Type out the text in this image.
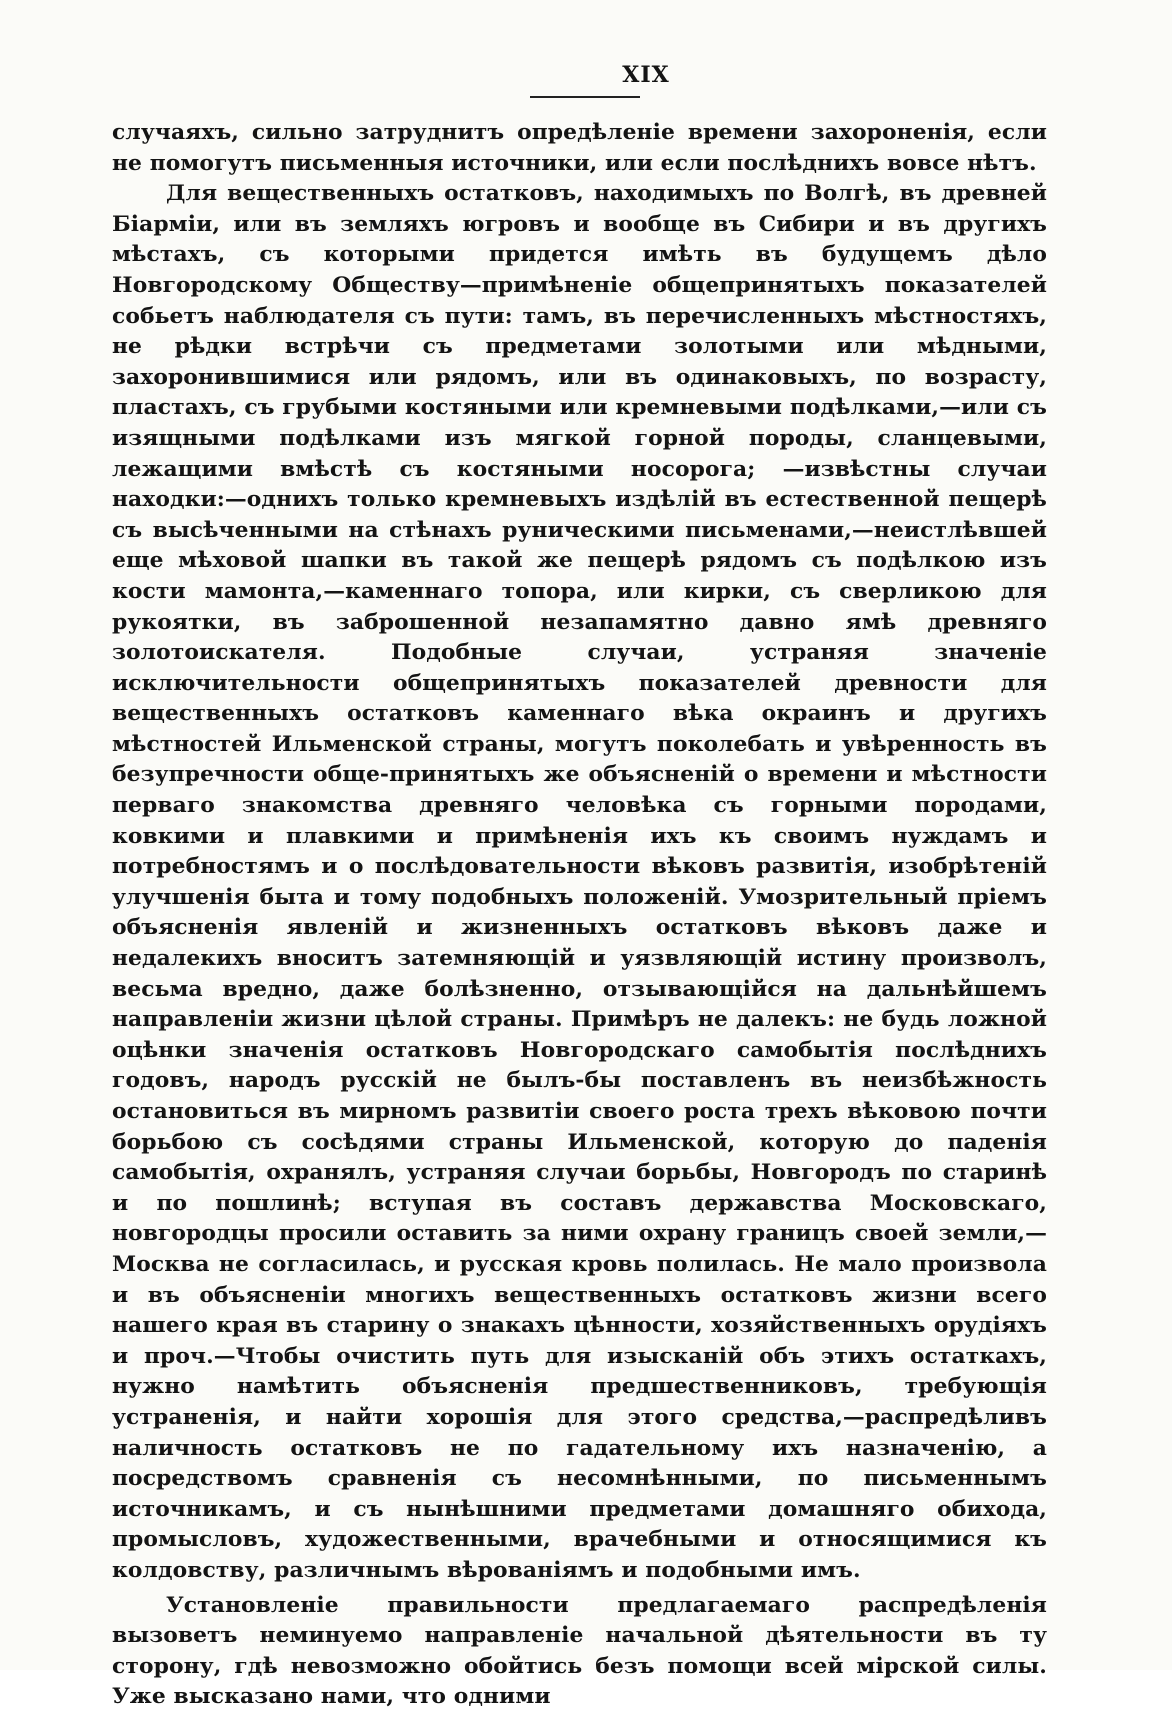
XIX

случаяхъ, сильно затруднитъ опредѣленіе времени захороненія, если не помогутъ письменныя источники, или если послѣднихъ вовсе нѣтъ.

Для вещественныхъ остатковъ, находимыхъ по Волгѣ, въ древней Біармiи, или въ земляхъ югровъ и вообще въ Сибири и въ другихъ мѣстахъ, съ которыми придется имѣть въ будущемъ дѣло Новгородскому Обществу—примѣненіе общепринятыхъ показателей собьетъ наблюдателя съ пути: тамъ, въ перечисленныхъ мѣстностяхъ, не рѣдки встрѣчи съ предметами золотыми или мѣдными, захоронившимися или рядомъ, или въ одинаковыхъ, по возрасту, пластахъ, съ грубыми костяными или кремневыми подѣлками,—или съ изящными подѣлками изъ мягкой горной породы, сланцевыми, лежащими вмѣстѣ съ костяными носорога; —извѣстны случаи находки:—однихъ только кремневыхъ издѣлій въ естественной пещерѣ съ высѣченными на стѣнахъ руническими письменами,—неистлѣвшей еще мѣховой шапки въ такой же пещерѣ рядомъ съ подѣлкою изъ кости мамонта,—каменнаго топора, или кирки, съ сверликою для рукоятки, въ заброшенной незапамятно давно ямѣ древняго золотоискателя. Подобные случаи, устраняя значеніе исключительности общепринятыхъ показателей древности для вещественныхъ остатковъ каменнаго вѣка окраинъ и другихъ мѣстностей Ильменской страны, могутъ поколебать и увѣренность въ безупречности обще-принятыхъ же объясненій о времени и мѣстности перваго знакомства древняго человѣка съ горными породами, ковкими и плавкими и примѣненія ихъ къ своимъ нуждамъ и потребностямъ и о послѣдовательности вѣковъ развитія, изобрѣтеній улучшенія быта и тому подобныхъ положеній. Умозрительный пріемъ объясненія явленій и жизненныхъ остатковъ вѣковъ даже и недалекихъ вноситъ затемняющій и уязвляющій истину произволъ, весьма вредно, даже болѣзненно, отзывающійся на дальнѣйшемъ направленіи жизни цѣлой страны. Примѣръ не далекъ: не будь ложной оцѣнки значенія остатковъ Новгородскаго самобытія послѣднихъ годовъ, народъ русскій не былъ-бы поставленъ въ неизбѣжность остановиться въ мирномъ развитіи своего роста трехъ вѣковою почти борьбою съ сосѣдями страны Ильменской, которую до паденія самобытія, охранялъ, устраняя случаи борьбы, Новгородъ по старинѣ и по пошлинѣ; вступая въ составъ державства Московскаго, новгородцы просили оставить за ними охрану границъ своей земли,—Москва не согласилась, и русская кровь полилась. Не мало произвола и въ объясненіи многихъ вещественныхъ остатковъ жизни всего нашего края въ старину о знакахъ цѣнности, хозяйственныхъ орудіяхъ и проч.—Чтобы очистить путь для изысканій объ этихъ остаткахъ, нужно намѣтить объясненія предшественниковъ, требующія устраненія, и найти хорошія для этого средства,—распредѣливъ наличность остатковъ не по гадательному ихъ назначенію, а посредствомъ сравненія съ несомнѣнными, по письменнымъ источникамъ, и съ нынѣшними предметами домашняго обихода, промысловъ, художественными, врачебными и относящимися къ колдовству, различнымъ вѣрованіямъ и подобными имъ.

Установленіе правильности предлагаемаго распредѣленія вызоветъ неминуемо направленіе начальной дѣятельности въ ту сторону, гдѣ невозможно обойтись безъ помощи всей мірской силы. Уже высказано нами, что одними
